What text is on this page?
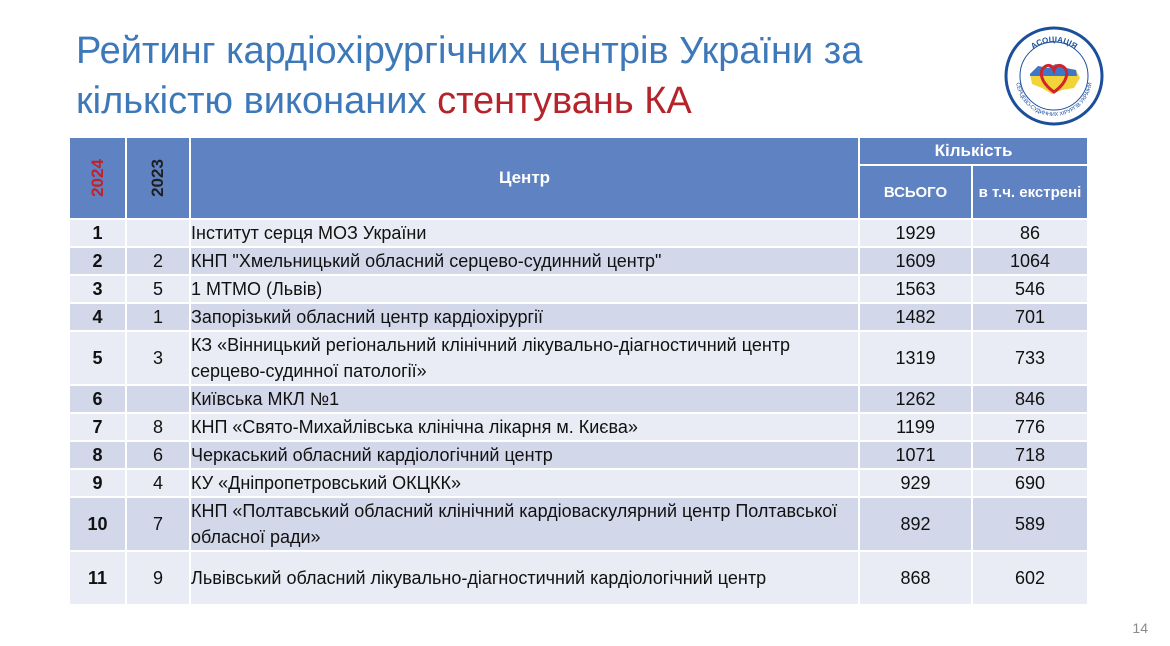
Рейтинг кардіохірургічних центрів України за кількістю виконаних стентувань КА
АСОЦІАЦІЯ
СЕРЦЕВО-СУДИННИХ ХІРУРГІВ УКРАЇНИ
2024	2023	Центр	Кількість	
			ВСЬОГО	в т.ч. екстрені
1		Інститут серця МОЗ України	1929	86
2	2	КНП "Хмельницький обласний серцево-судинний центр"	1609	1064
3	5	1 МТМО (Львів)	1563	546
4	1	Запорізький обласний центр кардіохірургії	1482	701
5	3	КЗ «Вінницький регіональний клінічний лікувально-діагностичний центр серцево-судинної патології»	1319	733
6		Київська МКЛ №1	1262	846
7	8	КНП «Свято-Михайлівська клінічна лікарня м. Києва»	1199	776
8	6	Черкаський обласний кардіологічний центр	1071	718
9	4	КУ «Дніпропетровський ОКЦКК»	929	690
10	7	КНП «Полтавський обласний клінічний кардіоваскулярний центр Полтавської обласної ради»	892	589
11	9	Львівський обласний лікувально-діагностичний кардіологічний центр	868	602
14
